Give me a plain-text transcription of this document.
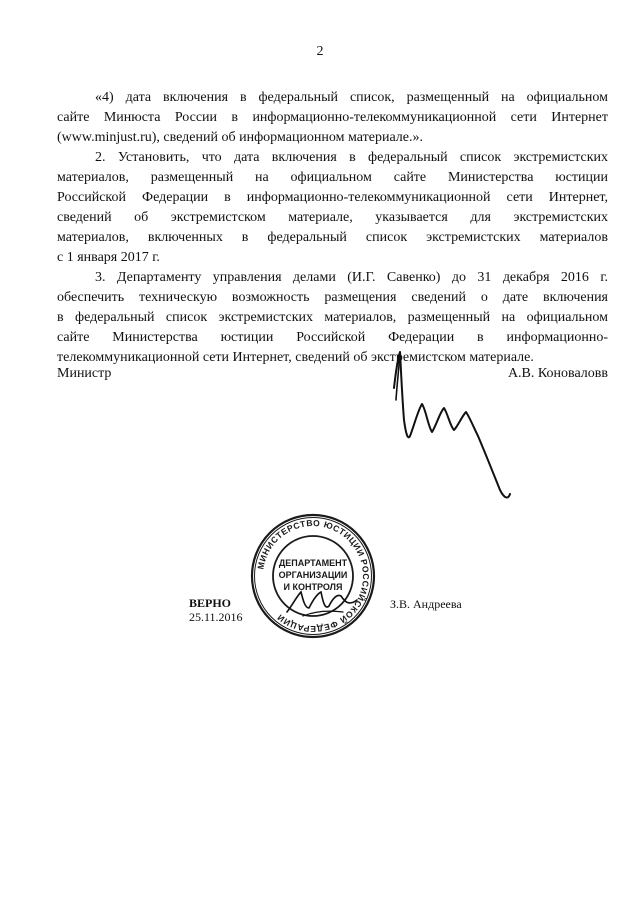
2

«4) дата включения в федеральный список, размещенный на официальном
сайте Минюста России в информационно-телекоммуникационной сети Интернет
(www.minjust.ru), сведений об информационном материале.».

2. Установить, что дата включения в федеральный список экстремистских
материалов, размещенный на официальном сайте Министерства юстиции
Российской Федерации в информационно-телекоммуникационной сети Интернет,
сведений об экстремистском материале, указывается для экстремистских
материалов, включенных в федеральный список экстремистских материалов
с 1 января 2017 г.

3. Департаменту управления делами (И.Г. Савенко) до 31 декабря 2016 г.
обеспечить техническую возможность размещения сведений о дате включения
в федеральный список экстремистских материалов, размещенный на официальном
сайте Министерства юстиции Российской Федерации в информационно-
телекоммуникационной сети Интернет, сведений об экстремистском материале.

Министр	А.В. Коноваловв
МИНИСТЕРСТВО ЮСТИЦИИ РОССИЙСКОЙ ФЕДЕРАЦИИ
ДЕПАРТАМЕНТ
ОРГАНИЗАЦИИ
И КОНТРОЛЯ
ВЕРНО
25.11.2016
З.В. Андреева
